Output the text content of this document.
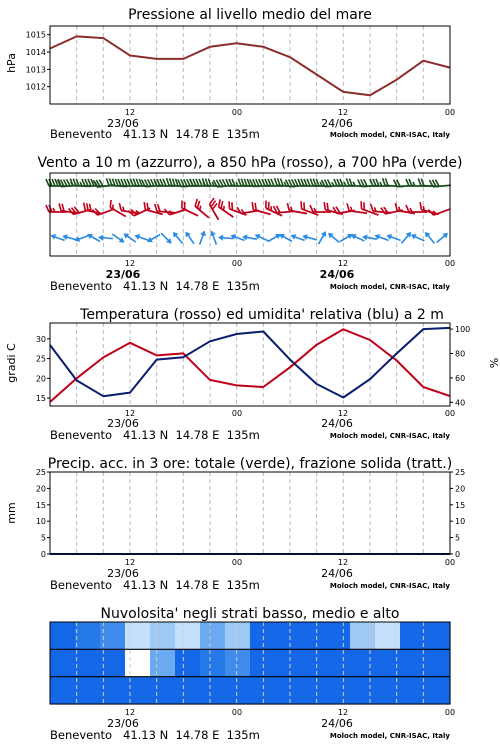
Pressione al livello medio del mare
hPa
1012
1013
1014
1015
12	00	12	00
23/06	24/06
Benevento   41.13 N  14.78 E  135m	Moloch model, CNR-ISAC, Italy
Vento a 10 m (azzurro), a 850 hPa (rosso), a 700 hPa (verde)
12	00	12	00
23/06	24/06
Benevento   41.13 N  14.78 E  135m	Moloch model, CNR-ISAC, Italy
Temperatura (rosso) ed umidita' relativa (blu) a 2 m
gradi C	%
15
20
25
30
40
60
80
100
12	00	12	00
23/06	24/06
Benevento   41.13 N  14.78 E  135m	Moloch model, CNR-ISAC, Italy
Precip. acc. in 3 ore: totale (verde), frazione solida (tratt.)
mm
0
5
10
15
20
25
0
5
10
15
20
25
12	00	12	00
23/06	24/06
Benevento   41.13 N  14.78 E  135m	Moloch model, CNR-ISAC, Italy
Nuvolosita' negli strati basso, medio e alto
12	00	12	00
23/06	24/06
Benevento   41.13 N  14.78 E  135m	Moloch model, CNR-ISAC, Italy
